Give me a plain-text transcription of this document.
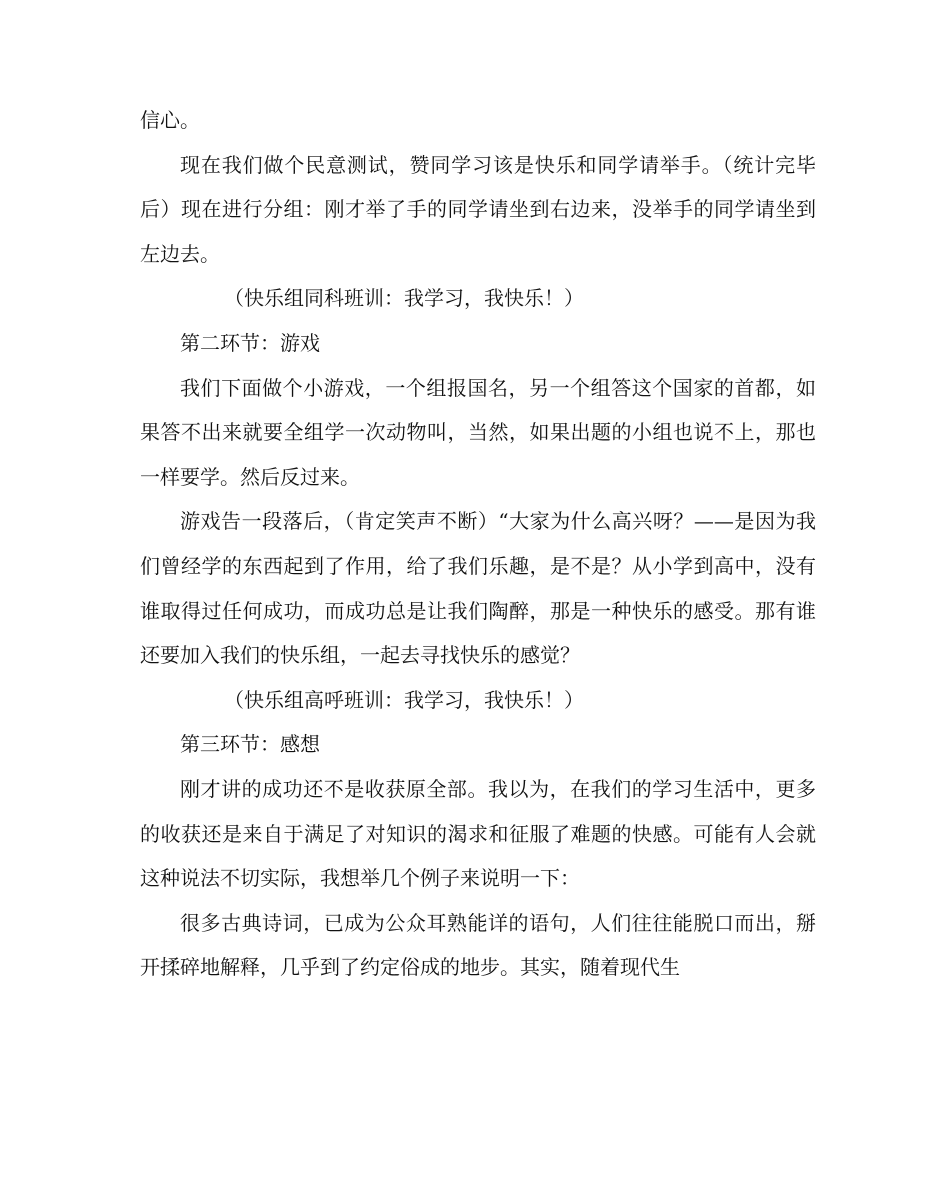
信心。

现在我们做个民意测试，赞同学习该是快乐和同学请举手。（统计完毕后）现在进行分组：刚才举了手的同学请坐到右边来，没举手的同学请坐到左边去。

（快乐组同科班训：我学习，我快乐！）

第二环节：游戏

我们下面做个小游戏，一个组报国名，另一个组答这个国家的首都，如果答不出来就要全组学一次动物叫，当然，如果出题的小组也说不上，那也一样要学。然后反过来。

游戏告一段落后，（肯定笑声不断）“大家为什么高兴呀？——是因为我们曾经学的东西起到了作用，给了我们乐趣，是不是？从小学到高中，没有谁取得过任何成功，而成功总是让我们陶醉，那是一种快乐的感受。那有谁还要加入我们的快乐组，一起去寻找快乐的感觉？

（快乐组高呼班训：我学习，我快乐！）

第三环节：感想

刚才讲的成功还不是收获原全部。我以为，在我们的学习生活中，更多的收获还是来自于满足了对知识的渴求和征服了难题的快感。可能有人会就这种说法不切实际，我想举几个例子来说明一下：

很多古典诗词，已成为公众耳熟能详的语句，人们往往能脱口而出，掰开揉碎地解释，几乎到了约定俗成的地步。其实，随着现代生
